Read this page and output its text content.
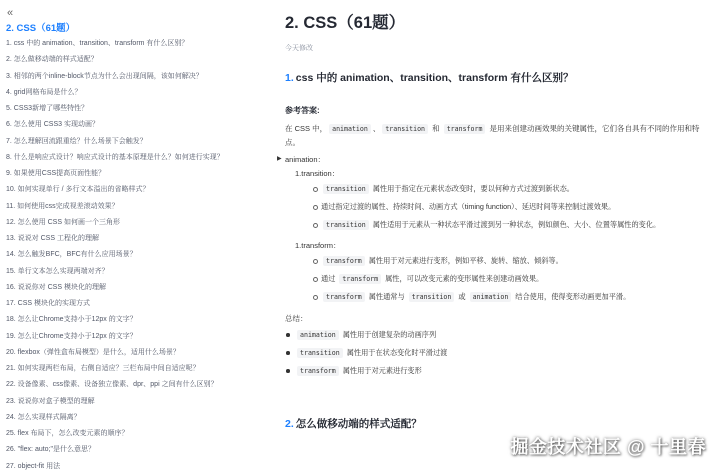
«
2. CSS（61题）
1. css 中的 animation、transition、transform 有什么区别？
2. 怎么做移动端的样式适配？
3. 相邻的两个inline-block节点为什么会出现间隔，该如何解决？
4. grid网格布局是什么？
5. CSS3新增了哪些特性？
6. 怎么使用 CSS3 实现动画？
7. 怎么理解回流跟重绘？什么场景下会触发？
8. 什么是响应式设计？响应式设计的基本原理是什么？如何进行实现？
9. 如果使用CSS提高页面性能？
10. 如何实现单行 / 多行文本溢出的省略样式？
11. 如何使用css完成视差滚动效果？
12. 怎么使用 CSS 如何画一个三角形
13. 说说对 CSS 工程化的理解
14. 怎么触发BFC，BFC有什么应用场景？
15. 单行文本怎么实现两端对齐？
16. 说说你对 CSS 模块化的理解
17. CSS 模块化的实现方式
18. 怎么让Chrome支持小于12px 的文字？
19. 怎么让Chrome支持小于12px 的文字？
20. flexbox（弹性盒布局模型）是什么，适用什么场景？
21. 如何实现两栏布局，右侧自适应？三栏布局中间自适应呢？
22. 设备像素、css像素、设备独立像素、dpr、ppi 之间有什么区别？
23. 说说你对盒子模型的理解
24. 怎么实现样式隔离？
25. flex 布局下，怎么改变元素的顺序？
26. "flex: auto;"是什么意思？
27. object-fit 用法
2. CSS（61题）
今天修改
1. css 中的 animation、transition、transform 有什么区别？
参考答案:

在 CSS 中， animation 、 transition 和 transform 是用来创建动画效果的关键属性，它们各自具有不同的作用和特点。

▶ animation：
1. transition：
transition 属性用于指定在元素状态改变时，要以何种方式过渡到新状态。
通过指定过渡的属性、持续时间、动画方式（timing function）、延迟时间等来控制过渡效果。
transition 属性适用于元素从一种状态平滑过渡到另一种状态，例如颜色、大小、位置等属性的变化。
1. transform：
transform 属性用于对元素进行变形，例如平移、旋转、缩放、倾斜等。
通过 transform 属性，可以改变元素的变形属性来创建动画效果。
transform 属性通常与 transition 或 animation 结合使用，使得变形动画更加平滑。
总结：
animation 属性用于创建复杂的动画序列
transition 属性用于在状态变化时平滑过渡
transform 属性用于对元素进行变形
2. 怎么做移动端的样式适配？
掘金技术社区 @ 十里春
